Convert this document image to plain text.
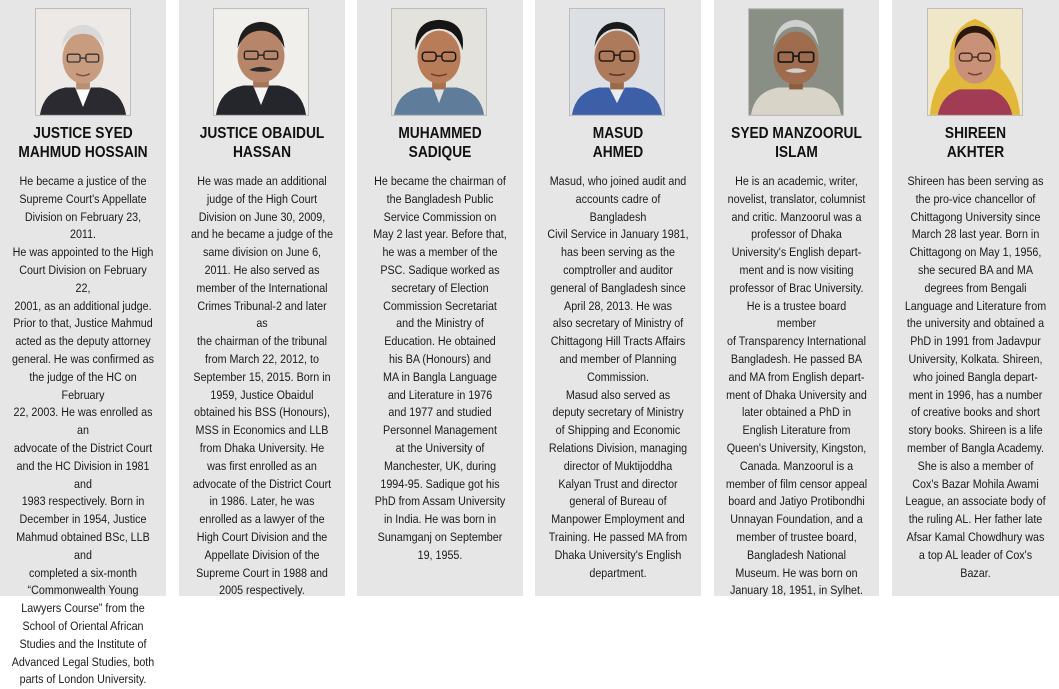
JUSTICE SYED
MAHMUD HOSSAIN
He became a justice of the
Supreme Court's Appellate
Division on February 23, 2011.
He was appointed to the High
Court Division on February 22,
2001, as an additional judge.
Prior to that, Justice Mahmud
acted as the deputy attorney
general. He was confirmed as
the judge of the HC on February
22, 2003. He was enrolled as an
advocate of the District Court
and the HC Division in 1981 and
1983 respectively. Born in
December in 1954, Justice
Mahmud obtained BSc, LLB and
completed a six-month
“Commonwealth Young
Lawyers Course” from the
School of Oriental African
Studies and the Institute of
Advanced Legal Studies, both
parts of London University.
JUSTICE OBAIDUL
HASSAN
He was made an additional
judge of the High Court
Division on June 30, 2009,
and he became a judge of the
same division on June 6,
2011. He also served as
member of the International
Crimes Tribunal-2 and later as
the chairman of the tribunal
from March 22, 2012, to
September 15, 2015. Born in
1959, Justice Obaidul
obtained his BSS (Honours),
MSS in Economics and LLB
from Dhaka University. He
was first enrolled as an
advocate of the District Court
in 1986. Later, he was
enrolled as a lawyer of the
High Court Division and the
Appellate Division of the
Supreme Court in 1988 and
2005 respectively.
MUHAMMED
SADIQUE
He became the chairman of
the Bangladesh Public
Service Commission on
May 2 last year. Before that,
he was a member of the
PSC. Sadique worked as
secretary of Election
Commission Secretariat
and the Ministry of
Education. He obtained
his BA (Honours) and
MA in Bangla Language
and Literature in 1976
and 1977 and studied
Personnel Management
at the University of
Manchester, UK, during
1994-95. Sadique got his
PhD from Assam University
in India. He was born in
Sunamganj on September
19, 1955.
MASUD
AHMED
Masud, who joined audit and
accounts cadre of Bangladesh
Civil Service in January 1981,
has been serving as the
comptroller and auditor
general of Bangladesh since
April 28, 2013. He was
also secretary of Ministry of
Chittagong Hill Tracts Affairs
and member of Planning
Commission.
Masud also served as
deputy secretary of Ministry
of Shipping and Economic
Relations Division, managing
director of Muktijoddha
Kalyan Trust and director
general of Bureau of
Manpower Employment and
Training. He passed MA from
Dhaka University's English
department.
SYED MANZOORUL
ISLAM
He is an academic, writer,
novelist, translator, columnist
and critic. Manzoorul was a
professor of Dhaka
University's English depart-
ment and is now visiting
professor of Brac University.
He is a trustee board member
of Transparency International
Bangladesh. He passed BA
and MA from English depart-
ment of Dhaka University and
later obtained a PhD in
English Literature from
Queen's University, Kingston,
Canada. Manzoorul is a
member of film censor appeal
board and Jatiyo Protibondhi
Unnayan Foundation, and a
member of trustee board,
Bangladesh National
Museum. He was born on
January 18, 1951, in Sylhet.
SHIREEN
AKHTER
Shireen has been serving as
the pro-vice chancellor of
Chittagong University since
March 28 last year. Born in
Chittagong on May 1, 1956,
she secured BA and MA
degrees from Bengali
Language and Literature from
the university and obtained a
PhD in 1991 from Jadavpur
University, Kolkata. Shireen,
who joined Bangla depart-
ment in 1996, has a number
of creative books and short
story books. Shireen is a life
member of Bangla Academy.
She is also a member of
Cox's Bazar Mohila Awami
League, an associate body of
the ruling AL. Her father late
Afsar Kamal Chowdhury was
a top AL leader of Cox's
Bazar.
